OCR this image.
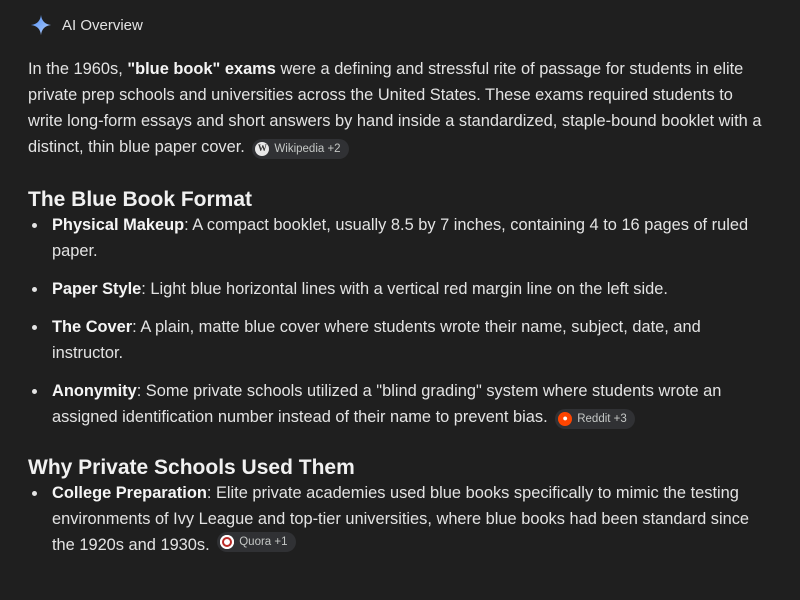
AI Overview
In the 1960s, "blue book" exams were a defining and stressful rite of passage for students in elite private prep schools and universities across the United States. These exams required students to write long-form essays and short answers by hand inside a standardized, staple-bound booklet with a distinct, thin blue paper cover. W Wikipedia +2
The Blue Book Format
Physical Makeup: A compact booklet, usually 8.5 by 7 inches, containing 4 to 16 pages of ruled paper.
Paper Style: Light blue horizontal lines with a vertical red margin line on the left side.
The Cover: A plain, matte blue cover where students wrote their name, subject, date, and instructor.
Anonymity: Some private schools utilized a "blind grading" system where students wrote an assigned identification number instead of their name to prevent bias.	● Reddit +3
Why Private Schools Used Them
College Preparation: Elite private academies used blue books specifically to mimic the testing environments of Ivy League and top-tier universities, where blue books had been standard since the 1920s and 1930s.	Quora +1
